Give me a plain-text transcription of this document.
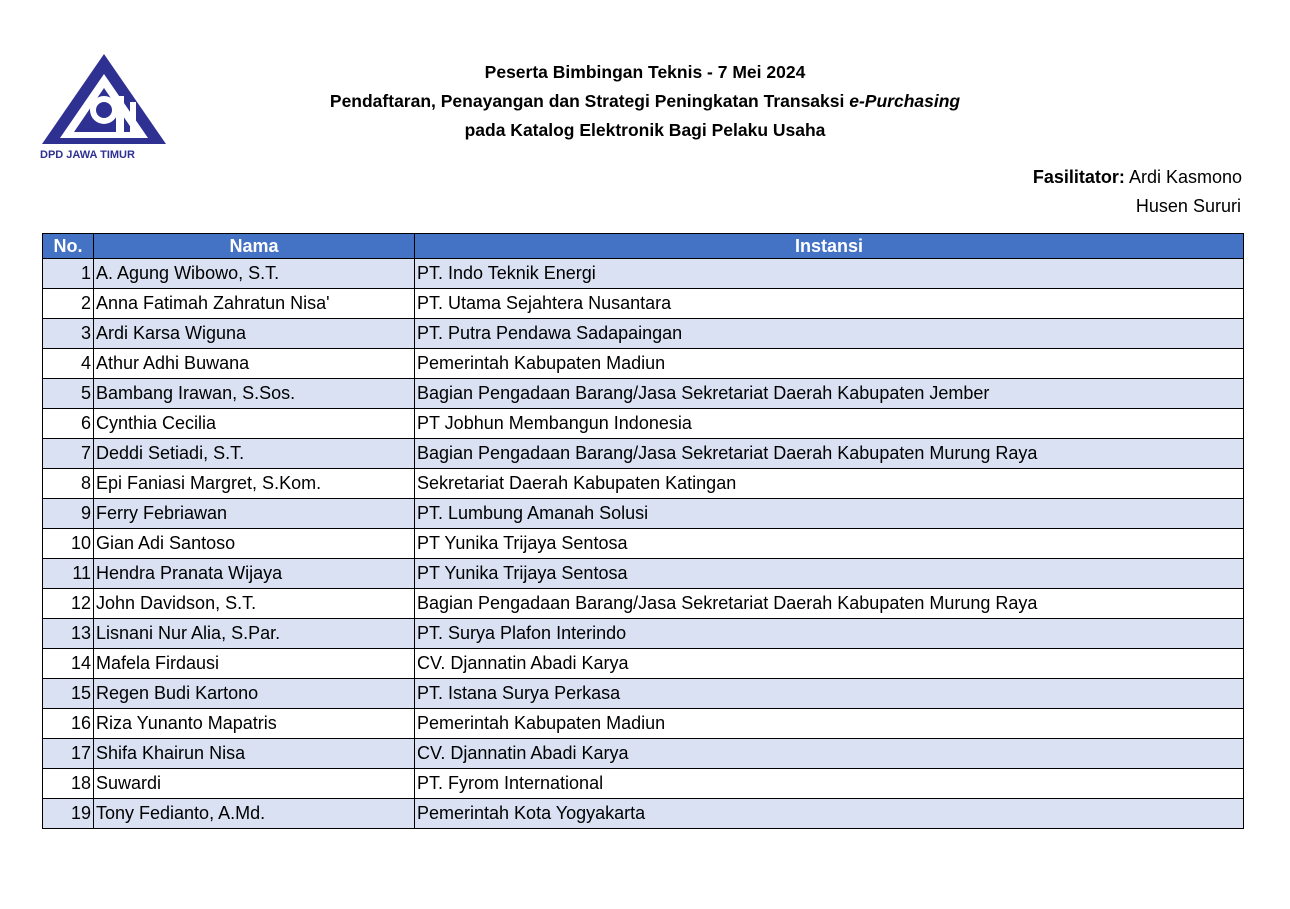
DPD JAWA TIMUR
Peserta Bimbingan Teknis - 7 Mei 2024
Pendaftaran, Penayangan dan Strategi Peningkatan Transaksi e-Purchasing
pada Katalog Elektronik Bagi Pelaku Usaha
Fasilitator: Ardi Kasmono
Husen Sururi
No.	Nama	Instansi
1	A. Agung Wibowo, S.T.	PT. Indo Teknik Energi
2	Anna Fatimah Zahratun Nisa'	PT. Utama Sejahtera Nusantara
3	Ardi Karsa Wiguna	PT. Putra Pendawa Sadapaingan
4	Athur Adhi Buwana	Pemerintah Kabupaten Madiun
5	Bambang Irawan, S.Sos.	Bagian Pengadaan Barang/Jasa Sekretariat Daerah Kabupaten Jember
6	Cynthia Cecilia	PT Jobhun Membangun Indonesia
7	Deddi Setiadi, S.T.	Bagian Pengadaan Barang/Jasa Sekretariat Daerah Kabupaten Murung Raya
8	Epi Faniasi Margret, S.Kom.	Sekretariat Daerah Kabupaten Katingan
9	Ferry Febriawan	PT. Lumbung Amanah Solusi
10	Gian Adi Santoso	PT Yunika Trijaya Sentosa
11	Hendra Pranata Wijaya	PT Yunika Trijaya Sentosa
12	John Davidson, S.T.	Bagian Pengadaan Barang/Jasa Sekretariat Daerah Kabupaten Murung Raya
13	Lisnani Nur Alia, S.Par.	PT. Surya Plafon Interindo
14	Mafela Firdausi	CV. Djannatin Abadi Karya
15	Regen Budi Kartono	PT. Istana Surya Perkasa
16	Riza Yunanto Mapatris	Pemerintah Kabupaten Madiun
17	Shifa Khairun Nisa	CV. Djannatin Abadi Karya
18	Suwardi	PT. Fyrom International
19	Tony Fedianto, A.Md.	Pemerintah Kota Yogyakarta
